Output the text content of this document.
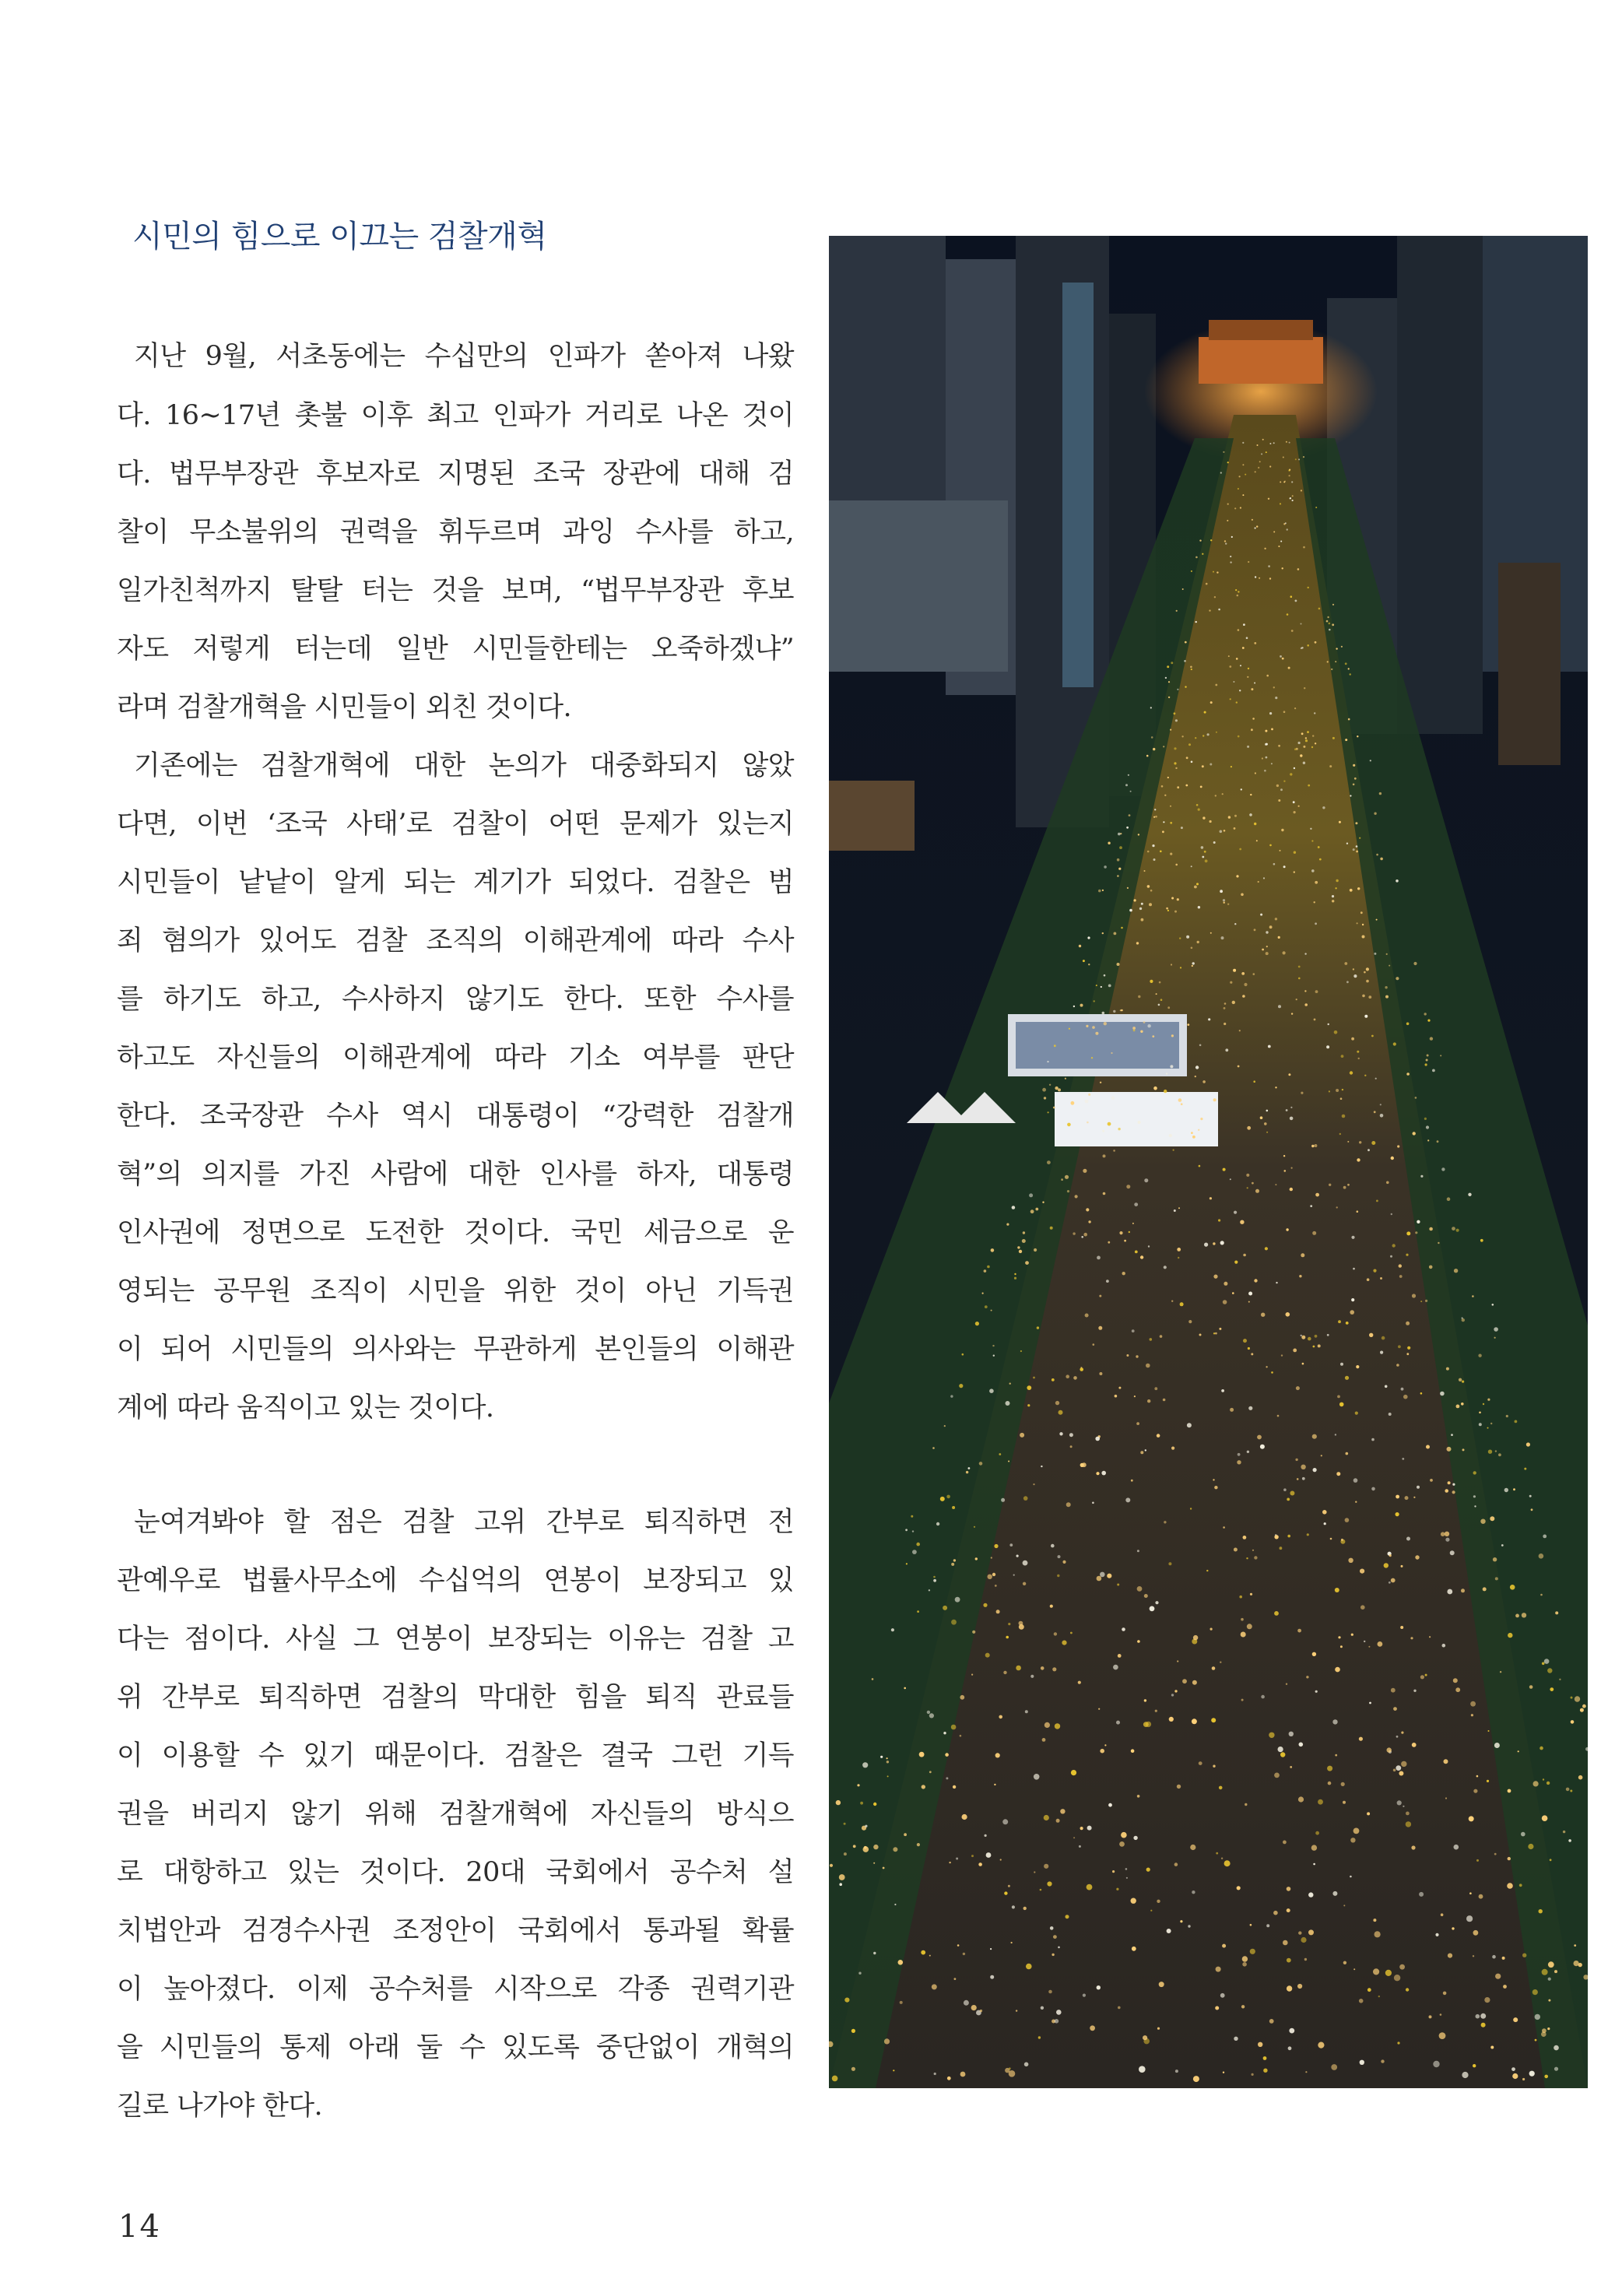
시민의 힘으로 이끄는 검찰개혁
지난 9월, 서초동에는 수십만의 인파가 쏟아져 나왔
다. 16~17년 촛불 이후 최고 인파가 거리로 나온 것이
다. 법무부장관 후보자로 지명된 조국 장관에 대해 검
찰이 무소불위의 권력을 휘두르며 과잉 수사를 하고,
일가친척까지 탈탈 터는 것을 보며, “법무부장관 후보
자도 저렇게 터는데 일반 시민들한테는 오죽하겠냐”
라며 검찰개혁을 시민들이 외친 것이다.
기존에는 검찰개혁에 대한 논의가 대중화되지 않았
다면, 이번 ‘조국 사태’로 검찰이 어떤 문제가 있는지
시민들이 낱낱이 알게 되는 계기가 되었다. 검찰은 범
죄 혐의가 있어도 검찰 조직의 이해관계에 따라 수사
를 하기도 하고, 수사하지 않기도 한다. 또한 수사를
하고도 자신들의 이해관계에 따라 기소 여부를 판단
한다. 조국장관 수사 역시 대통령이 “강력한 검찰개
혁”의 의지를 가진 사람에 대한 인사를 하자, 대통령
인사권에 정면으로 도전한 것이다. 국민 세금으로 운
영되는 공무원 조직이 시민을 위한 것이 아닌 기득권
이 되어 시민들의 의사와는 무관하게 본인들의 이해관
계에 따라 움직이고 있는 것이다.
눈여겨봐야 할 점은 검찰 고위 간부로 퇴직하면 전
관예우로 법률사무소에 수십억의 연봉이 보장되고 있
다는 점이다. 사실 그 연봉이 보장되는 이유는 검찰 고
위 간부로 퇴직하면 검찰의 막대한 힘을 퇴직 관료들
이 이용할 수 있기 때문이다. 검찰은 결국 그런 기득
권을 버리지 않기 위해 검찰개혁에 자신들의 방식으
로 대항하고 있는 것이다. 20대 국회에서 공수처 설
치법안과 검경수사권 조정안이 국회에서 통과될 확률
이 높아졌다. 이제 공수처를 시작으로 각종 권력기관
을 시민들의 통제 아래 둘 수 있도록 중단없이 개혁의
길로 나가야 한다.
14
